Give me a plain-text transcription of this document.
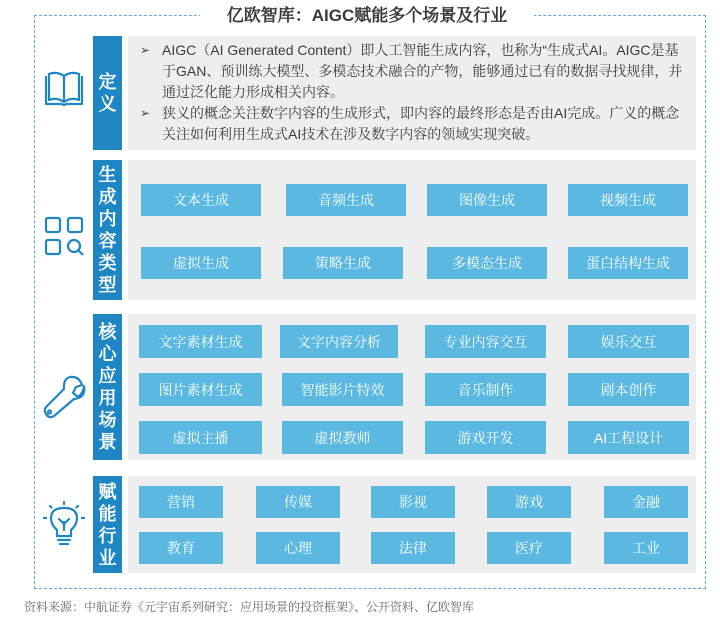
亿欧智库：AIGC赋能多个场景及行业
定
义
➢ AIGC（AI Generated Content）即人工智能生成内容，也称为“生成式AI。AIGC是基于GAN、预训练大模型、多模态技术融合的产物，能够通过已有的数据寻找规律，并通过泛化能力形成相关内容。
➢ 狭义的概念关注数字内容的生成形式，即内容的最终形态是否由AI完成。广义的概念关注如何利用生成式AI技术在涉及数字内容的领域实现突破。
生
成
内
容
类
型
文本生成	音频生成	图像生成	视频生成
虚拟生成	策略生成	多模态生成	蛋白结构生成
核
心
应
用
场
景
文字素材生成	文字内容分析	专业内容交互	娱乐交互
图片素材生成	智能影片特效	音乐制作	剧本创作
虚拟主播	虚拟教师	游戏开发	AI工程设计
赋
能
行
业
营销	传媒	影视	游戏	金融
教育	心理	法律	医疗	工业
资料来源：中航证券《元宇宙系列研究：应用场景的投资框架》、公开资料、亿欧智库
